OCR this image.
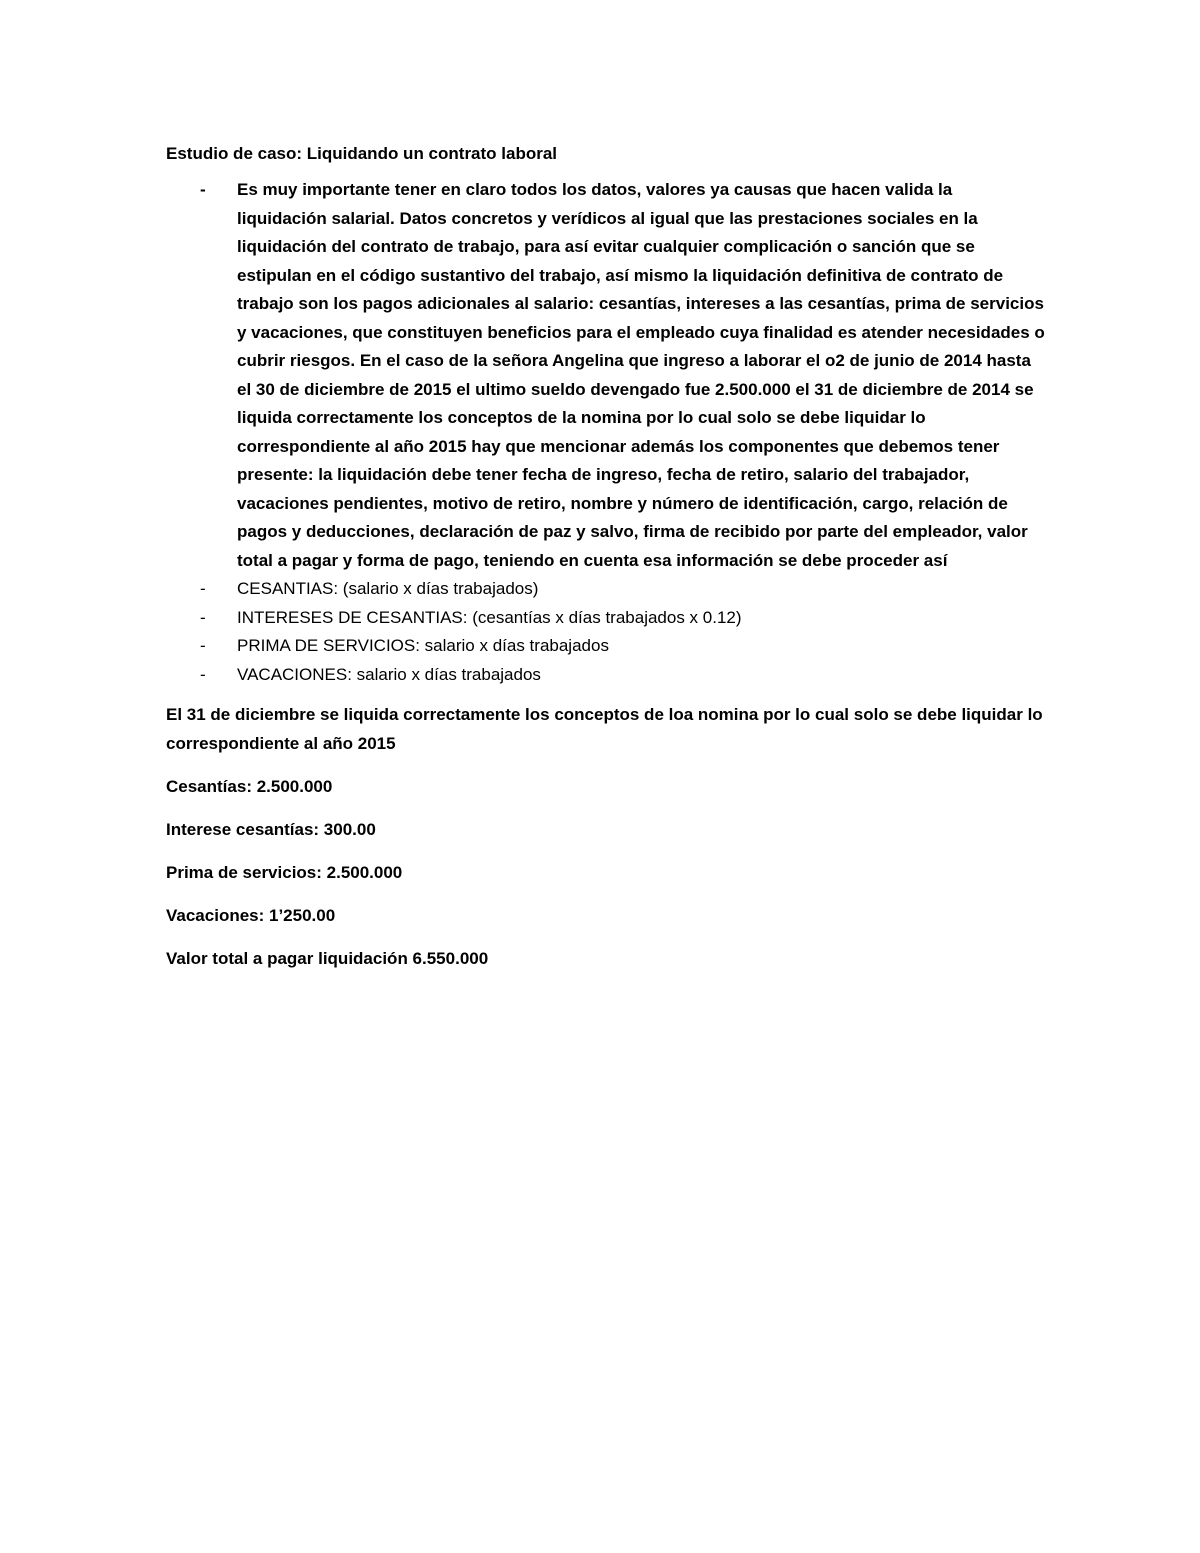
Estudio de caso: Liquidando un contrato laboral
- Es muy importante tener en claro todos los datos, valores ya causas que hacen valida la liquidación salarial. Datos concretos y verídicos al igual que las prestaciones sociales en la liquidación del contrato de trabajo, para así evitar cualquier complicación o sanción que se estipulan en el código sustantivo del trabajo, así mismo la liquidación definitiva de contrato de trabajo son los pagos adicionales al salario: cesantías, intereses a las cesantías, prima de servicios y vacaciones, que constituyen beneficios para el empleado cuya finalidad es atender necesidades o cubrir riesgos. En el caso de la señora Angelina que ingreso a laborar el o2 de junio de 2014 hasta el 30 de diciembre de 2015 el ultimo sueldo devengado fue 2.500.000 el 31 de diciembre de 2014 se liquida correctamente los conceptos de la nomina por lo cual solo se debe liquidar lo correspondiente al año 2015 hay que mencionar además los componentes que debemos tener presente: la liquidación debe tener fecha de ingreso, fecha de retiro, salario del trabajador, vacaciones pendientes, motivo de retiro, nombre y número de identificación, cargo, relación de pagos y deducciones, declaración de paz y salvo, firma de recibido por parte del empleador, valor total a pagar y forma de pago, teniendo en cuenta esa información se debe proceder así
- CESANTIAS: (salario x días trabajados)
- INTERESES DE CESANTIAS: (cesantías x días trabajados x 0.12)
- PRIMA DE SERVICIOS: salario x días trabajados
- VACACIONES: salario x días trabajados

El 31 de diciembre se liquida correctamente los conceptos de loa nomina por lo cual solo se debe liquidar lo correspondiente al año 2015

Cesantías: 2.500.000

Interese cesantías: 300.00

Prima de servicios: 2.500.000

Vacaciones: 1’250.00

Valor total a pagar liquidación 6.550.000
